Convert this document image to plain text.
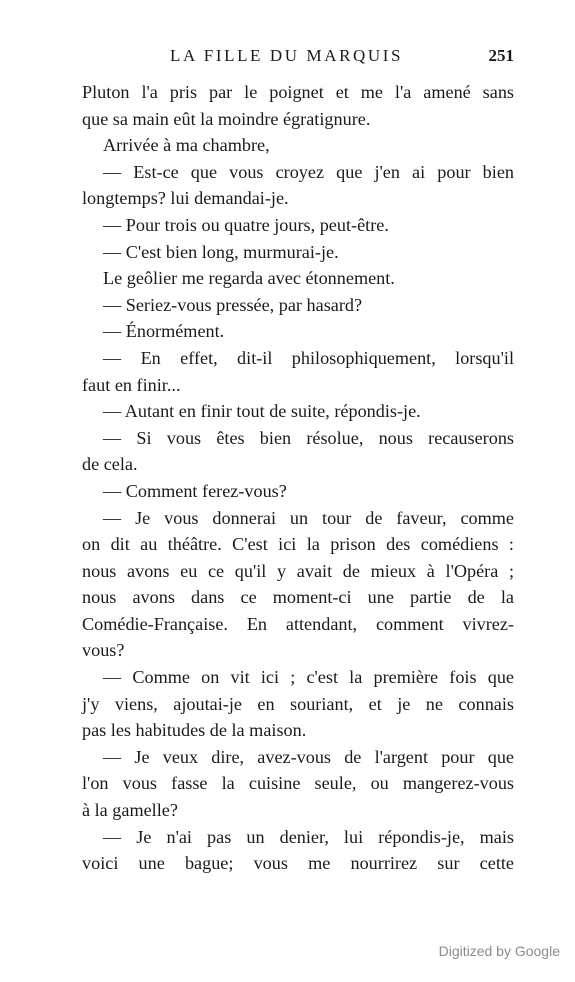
LA FILLE DU MARQUIS	251
Pluton l'a pris par le poignet et me l'a amené sans
que sa main eût la moindre égratignure.
Arrivée à ma chambre,
— Est-ce que vous croyez que j'en ai pour bien
longtemps? lui demandai-je.
— Pour trois ou quatre jours, peut-être.
— C'est bien long, murmurai-je.
Le geôlier me regarda avec étonnement.
— Seriez-vous pressée, par hasard?
— Énormément.
— En effet, dit-il philosophiquement, lorsqu'il
faut en finir...
— Autant en finir tout de suite, répondis-je.
— Si vous êtes bien résolue, nous recauserons
de cela.
— Comment ferez-vous?
— Je vous donnerai un tour de faveur, comme
on dit au théâtre. C'est ici la prison des comédiens :
nous avons eu ce qu'il y avait de mieux à l'Opéra ;
nous avons dans ce moment-ci une partie de la
Comédie-Française. En attendant, comment vivrez-
vous?
— Comme on vit ici ; c'est la première fois que
j'y viens, ajoutai-je en souriant, et je ne connais
pas les habitudes de la maison.
— Je veux dire, avez-vous de l'argent pour que
l'on vous fasse la cuisine seule, ou mangerez-vous
à la gamelle?
— Je n'ai pas un denier, lui répondis-je, mais
voici une bague; vous me nourrirez sur cette
Digitized by Google
